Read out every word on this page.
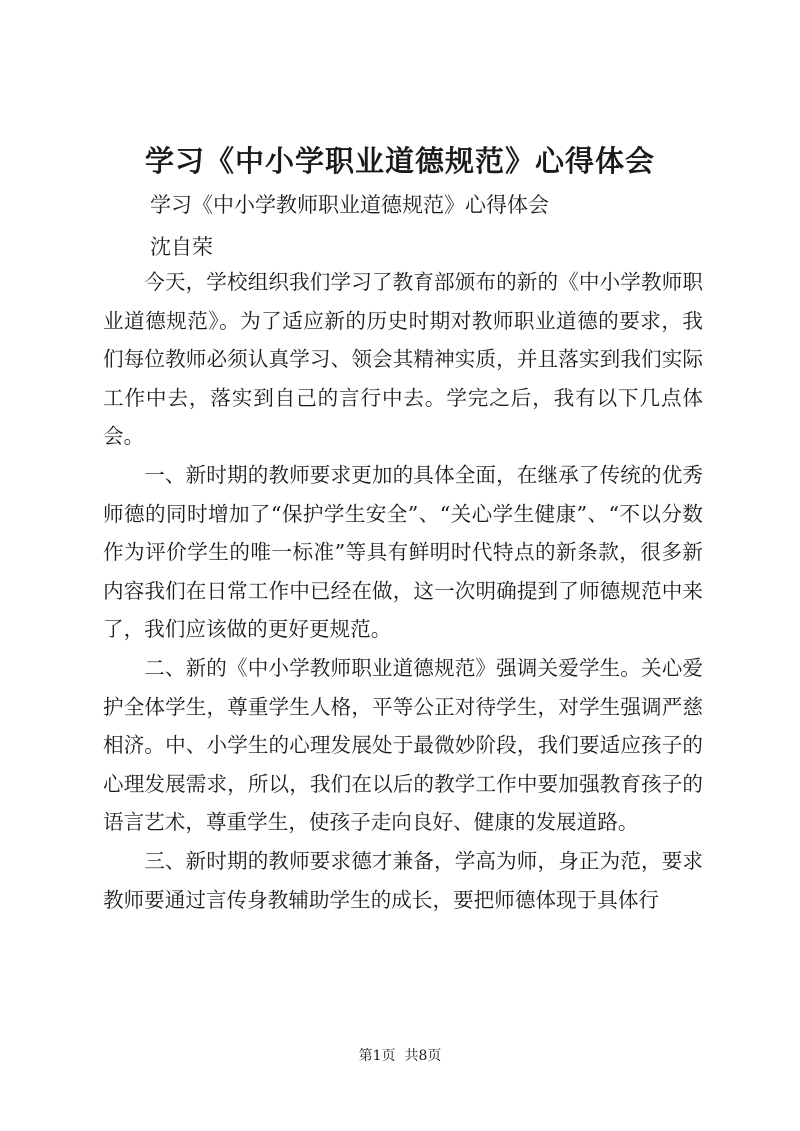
学习《中小学职业道德规范》心得体会

学习《中小学教师职业道德规范》心得体会

沈自荣

今天，学校组织我们学习了教育部颁布的新的《中小学教师职业道德规范》。为了适应新的历史时期对教师职业道德的要求，我们每位教师必须认真学习、领会其精神实质，并且落实到我们实际工作中去，落实到自己的言行中去。学完之后，我有以下几点体会。

一、新时期的教师要求更加的具体全面，在继承了传统的优秀师德的同时增加了“保护学生安全”、“关心学生健康”、“不以分数作为评价学生的唯一标准”等具有鲜明时代特点的新条款，很多新内容我们在日常工作中已经在做，这一次明确提到了师德规范中来了，我们应该做的更好更规范。

二、新的《中小学教师职业道德规范》强调关爱学生。关心爱护全体学生，尊重学生人格，平等公正对待学生，对学生强调严慈相济。中、小学生的心理发展处于最微妙阶段，我们要适应孩子的心理发展需求，所以，我们在以后的教学工作中要加强教育孩子的语言艺术，尊重学生，使孩子走向良好、健康的发展道路。

三、新时期的教师要求德才兼备，学高为师，身正为范，要求教师要通过言传身教辅助学生的成长，要把师德体现于具体行

第1页  共8页
